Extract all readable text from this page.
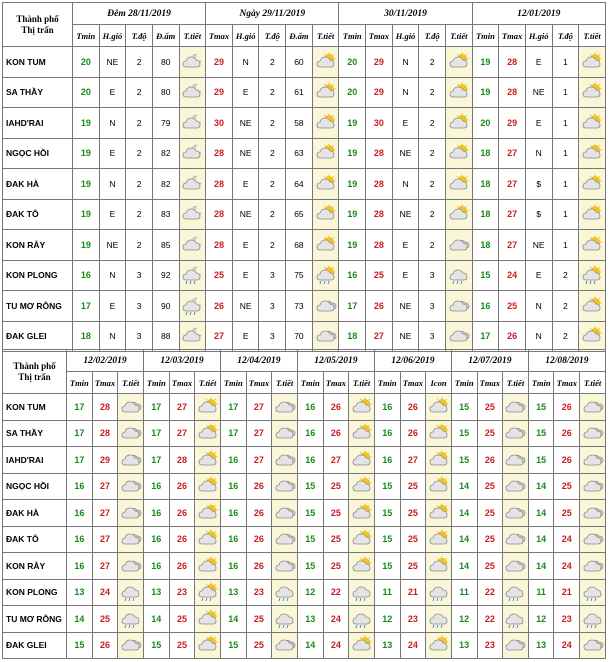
Thành phố
Thị trấn	Đêm 28/11/2019					Ngày 29/11/2019					30/11/2019					12/01/2019				
	Tmin	H.gió	T.độ	Đ.ẩm	T.tiết	Tmax	H.gió	T.độ	Đ.ẩm	T.tiết	Tmin	Tmax	H.gió	T.độ	T.tiết	Tmin	Tmax	H.gió	T.độ	T.tiết
KON TUM	20	NE	2	80		29	N	2	60		20	29	N	2		19	28	E	1	

SA THẦY	20	E	2	80		29	E	2	61		20	29	N	2		19	28	NE	1	

IAHD'RAI	19	N	2	79		30	NE	2	58		19	30	E	2		20	29	E	1	

NGỌC HỒI	19	E	2	82		28	NE	2	63		19	28	NE	2		18	27	N	1	

ĐAK HÀ	19	N	2	82		28	E	2	64		19	28	N	2		18	27	$	1	

ĐAK TÔ	19	E	2	83		28	NE	2	65		19	28	NE	2		18	27	$	1	

KON RẪY	19	NE	2	85		28	E	2	68		19	28	E	2		18	27	NE	1	

KON PLONG	16	N	3	92		25	E	3	75		16	25	E	3		15	24	E	2	

TU MƠ RÔNG	17	E	3	90		26	NE	3	73		17	26	NE	3		16	25	N	2	

ĐAK GLEI	18	N	3	88		27	E	3	70		18	27	NE	3		17	26	N	2	
Thành phố
Thị trấn	12/02/2019			12/03/2019			12/04/2019			12/05/2019			12/06/2019			12/07/2019			12/08/2019		
	Tmin	Tmax	T.tiết	Tmin	Tmax	T.tiết	Tmin	Tmax	T.tiết	Tmin	Tmax	T.tiết	Tmin	Tmax	Icon	Tmin	Tmax	T.tiết	Tmin	Tmax	T.tiết
KON TUM	17	28		17	27		17	27		16	26		16	26		15	25		15	26	

SA THẦY	17	28		17	27		17	27		16	26		16	26		15	25		15	26	

IAHD'RAI	17	29		17	28		16	27		16	27		16	27		15	26		15	26	

NGỌC HỒI	16	27		16	26		16	26		15	25		15	25		14	25		14	25	

ĐAK HÀ	16	27		16	26		16	26		15	25		15	25		14	25		14	25	

ĐAK TÔ	16	27		16	26		16	26		15	25		15	25		14	25		14	24	

KON RẪY	16	27		16	26		16	26		15	25		15	25		14	25		14	24	

KON PLONG	13	24		13	23		13	23		12	22		11	21		11	22		11	21	

TU MƠ RÔNG	14	25		14	25		14	25		13	24		12	23		12	22		12	23	

ĐAK GLEI	15	26		15	25		15	25		14	24		13	24		13	23		13	24	
